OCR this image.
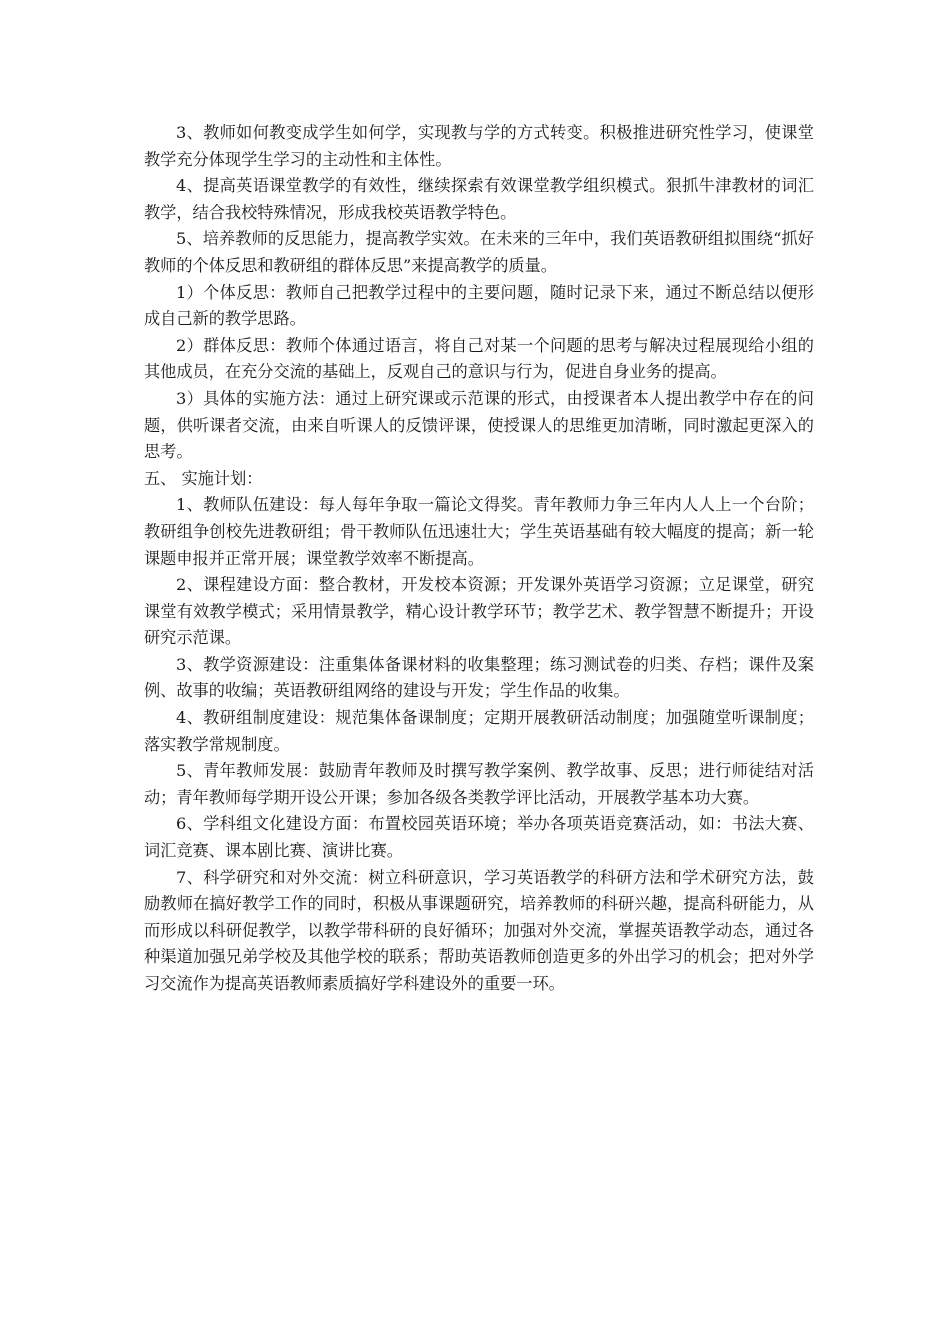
3、教师如何教变成学生如何学，实现教与学的方式转变。积极推进研究性学习，使课堂教学充分体现学生学习的主动性和主体性。

4、提高英语课堂教学的有效性，继续探索有效课堂教学组织模式。狠抓牛津教材的词汇教学，结合我校特殊情况，形成我校英语教学特色。

5、培养教师的反思能力，提高教学实效。在未来的三年中，我们英语教研组拟围绕“抓好教师的个体反思和教研组的群体反思”来提高教学的质量。

1）个体反思：教师自己把教学过程中的主要问题，随时记录下来，通过不断总结以便形成自己新的教学思路。

2）群体反思：教师个体通过语言，将自己对某一个问题的思考与解决过程展现给小组的其他成员，在充分交流的基础上，反观自己的意识与行为，促进自身业务的提高。

3）具体的实施方法：通过上研究课或示范课的形式，由授课者本人提出教学中存在的问题，供听课者交流，由来自听课人的反馈评课，使授课人的思维更加清晰，同时激起更深入的思考。

五、 实施计划：

1、教师队伍建设：每人每年争取一篇论文得奖。青年教师力争三年内人人上一个台阶；教研组争创校先进教研组；骨干教师队伍迅速壮大；学生英语基础有较大幅度的提高；新一轮课题申报并正常开展；课堂教学效率不断提高。

2、课程建设方面：整合教材，开发校本资源；开发课外英语学习资源；立足课堂，研究课堂有效教学模式；采用情景教学，精心设计教学环节；教学艺术、教学智慧不断提升；开设研究示范课。

3、教学资源建设：注重集体备课材料的收集整理；练习测试卷的归类、存档；课件及案例、故事的收编；英语教研组网络的建设与开发；学生作品的收集。

4、教研组制度建设：规范集体备课制度；定期开展教研活动制度；加强随堂听课制度；落实教学常规制度。

5、青年教师发展：鼓励青年教师及时撰写教学案例、教学故事、反思；进行师徒结对活动；青年教师每学期开设公开课；参加各级各类教学评比活动，开展教学基本功大赛。

6、学科组文化建设方面：布置校园英语环境；举办各项英语竞赛活动，如：书法大赛、词汇竞赛、课本剧比赛、演讲比赛。

7、科学研究和对外交流：树立科研意识，学习英语教学的科研方法和学术研究方法，鼓励教师在搞好教学工作的同时，积极从事课题研究，培养教师的科研兴趣，提高科研能力，从而形成以科研促教学，以教学带科研的良好循环；加强对外交流，掌握英语教学动态，通过各种渠道加强兄弟学校及其他学校的联系；帮助英语教师创造更多的外出学习的机会；把对外学习交流作为提高英语教师素质搞好学科建设外的重要一环。
